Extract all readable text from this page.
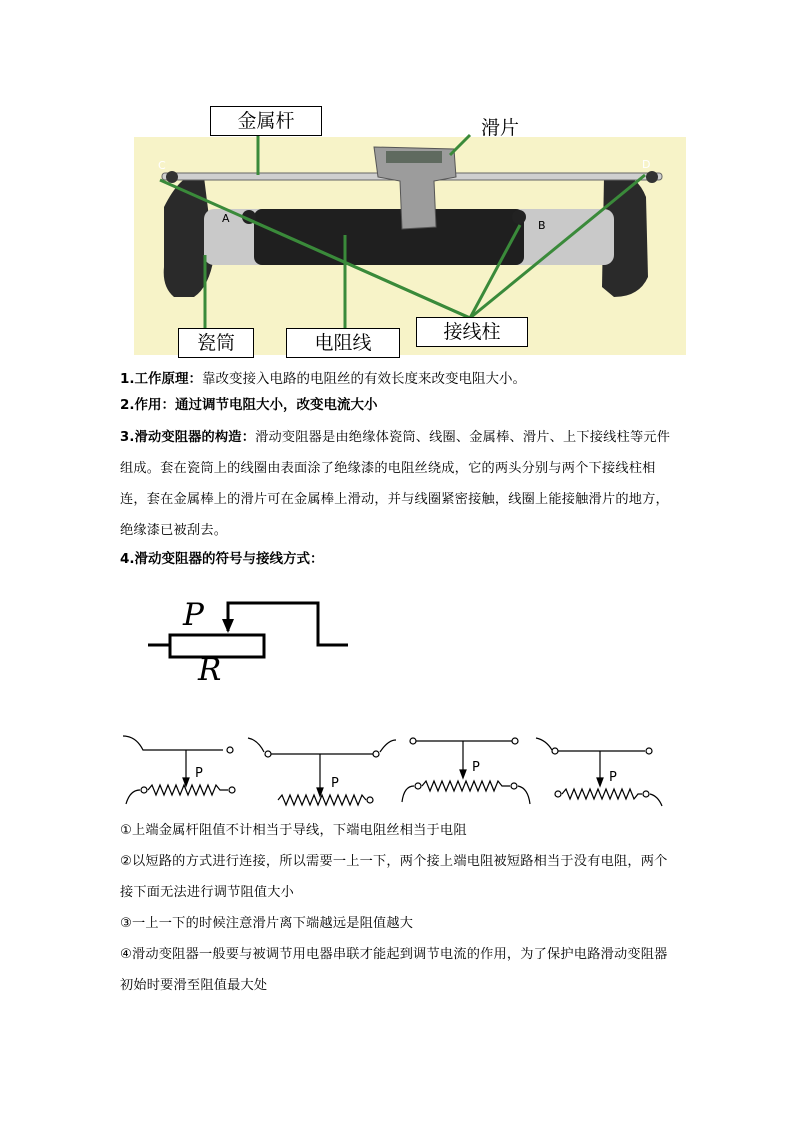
C	D
A
B
金属杆	滑片
瓷筒	电阻线	接线柱
1.工作原理：靠改变接入电路的电阻丝的有效长度来改变电阻大小。
2.作用：通过调节电阻大小，改变电流大小
3.滑动变阻器的构造：滑动变阻器是由绝缘体瓷筒、线圈、金属棒、滑片、上下接线柱等元件组成。套在瓷筒上的线圈由表面涂了绝缘漆的电阻丝绕成，它的两头分别与两个下接线柱相连，套在金属棒上的滑片可在金属棒上滑动，并与线圈紧密接触，线圈上能接触滑片的地方，绝缘漆已被刮去。
4.滑动变阻器的符号与接线方式：
P
R
P
P
P
P
①上端金属杆阻值不计相当于导线，下端电阻丝相当于电阻
②以短路的方式进行连接，所以需要一上一下，两个接上端电阻被短路相当于没有电阻，两个接下面无法进行调节阻值大小
③一上一下的时候注意滑片离下端越远是阻值越大
④滑动变阻器一般要与被调节用电器串联才能起到调节电流的作用，为了保护电路滑动变阻器初始时要滑至阻值最大处
